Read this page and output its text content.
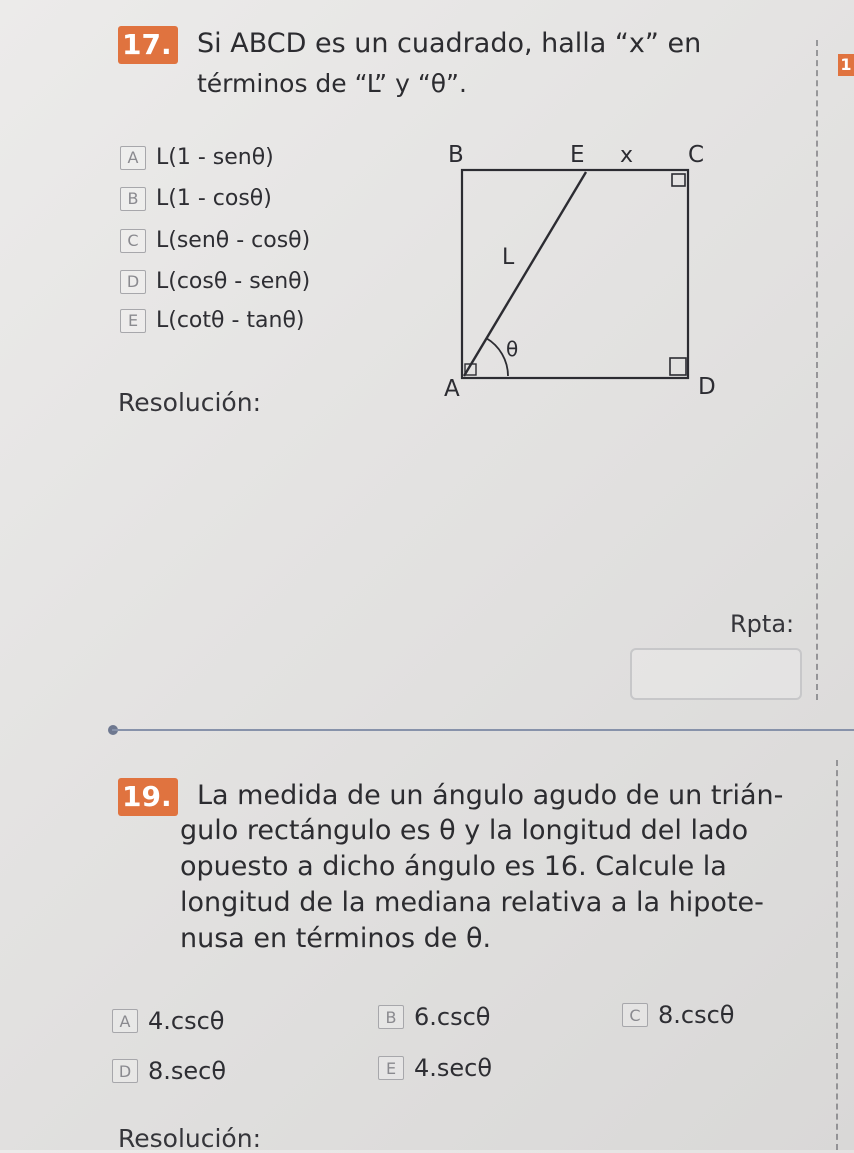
17. Si ABCD es un cuadrado, halla “x” en
términos de “L” y “θ”.
A L(1 - senθ)
B L(1 - cosθ)
C L(senθ - cosθ)
D L(cosθ - senθ)
E L(cotθ - tanθ)
B	E x C
L
θ
A	D
Resolución:
Rpta:
1
19. La medida de un ángulo agudo de un trián-
gulo rectángulo es θ y la longitud del lado
opuesto a dicho ángulo es 16. Calcule la
longitud de la mediana relativa a la hipote-
nusa en términos de θ.
A 4.cscθ	B 6.cscθ	C 8.cscθ
D 8.secθ	E 4.secθ
Resolución:
